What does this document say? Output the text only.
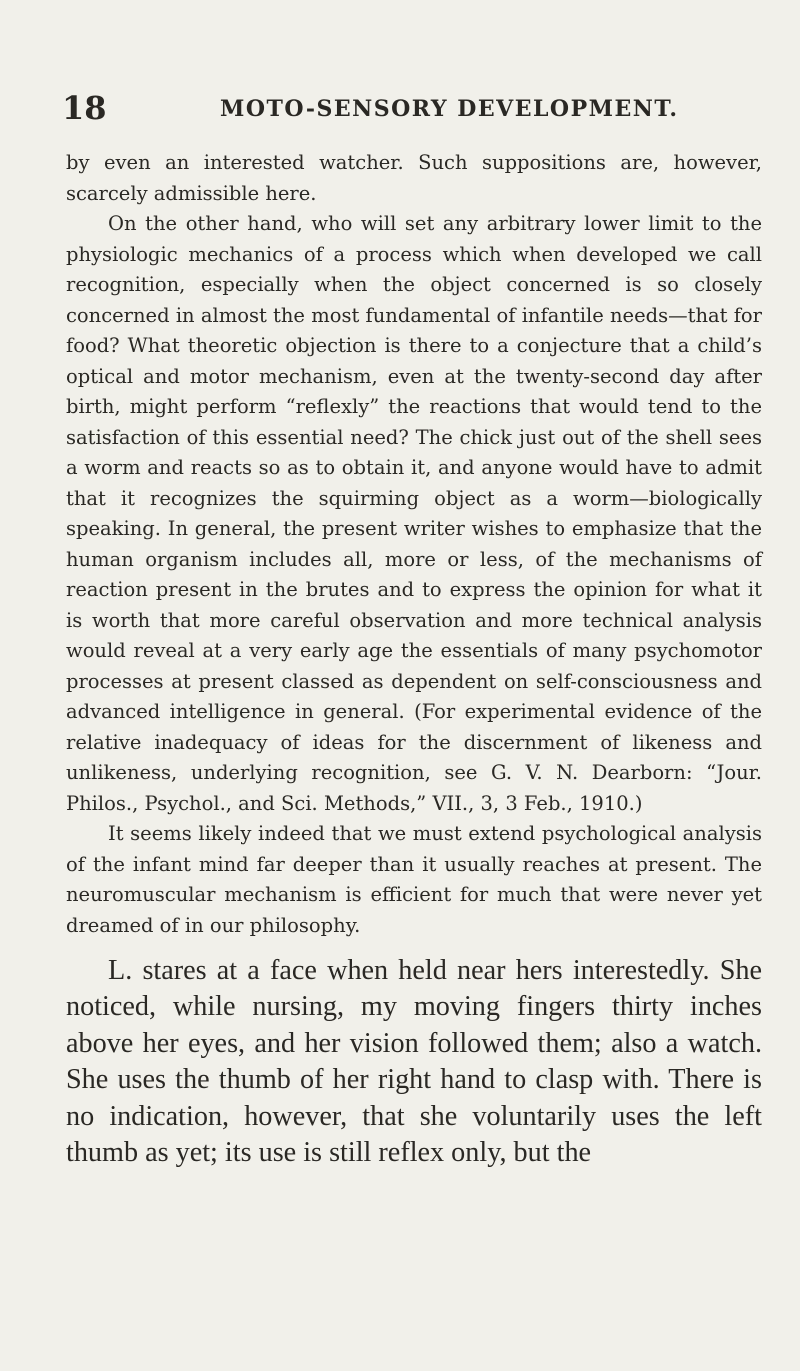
18	MOTO-SENSORY DEVELOPMENT.

by even an interested watcher. Such suppositions are, however, scarcely admissible here.

On the other hand, who will set any arbitrary lower limit to the physiologic mechanics of a process which when developed we call recognition, especially when the object concerned is so closely concerned in almost the most fundamental of infantile needs—that for food? What theoretic objection is there to a conjecture that a child’s optical and motor mechanism, even at the twenty-second day after birth, might perform “reflexly” the reactions that would tend to the satisfaction of this essential need? The chick just out of the shell sees a worm and reacts so as to obtain it, and anyone would have to admit that it recognizes the squirming object as a worm—biologically speaking. In general, the present writer wishes to emphasize that the human organism includes all, more or less, of the mechanisms of reaction present in the brutes and to express the opinion for what it is worth that more careful observation and more technical analysis would reveal at a very early age the essentials of many psychomotor processes at present classed as dependent on self-consciousness and advanced intelligence in general. (For experimental evidence of the relative inadequacy of ideas for the discernment of likeness and unlikeness, underlying recognition, see G. V. N. Dearborn: “Jour. Philos., Psychol., and Sci. Methods,” VII., 3, 3 Feb., 1910.)

It seems likely indeed that we must extend psychological analysis of the infant mind far deeper than it usually reaches at present. The neuromuscular mechanism is efficient for much that were never yet dreamed of in our philosophy.

L. stares at a face when held near hers interestedly. She noticed, while nursing, my moving fingers thirty inches above her eyes, and her vision followed them; also a watch. She uses the thumb of her right hand to clasp with. There is no indication, however, that she voluntarily uses the left thumb as yet; its use is still reflex only, but the
